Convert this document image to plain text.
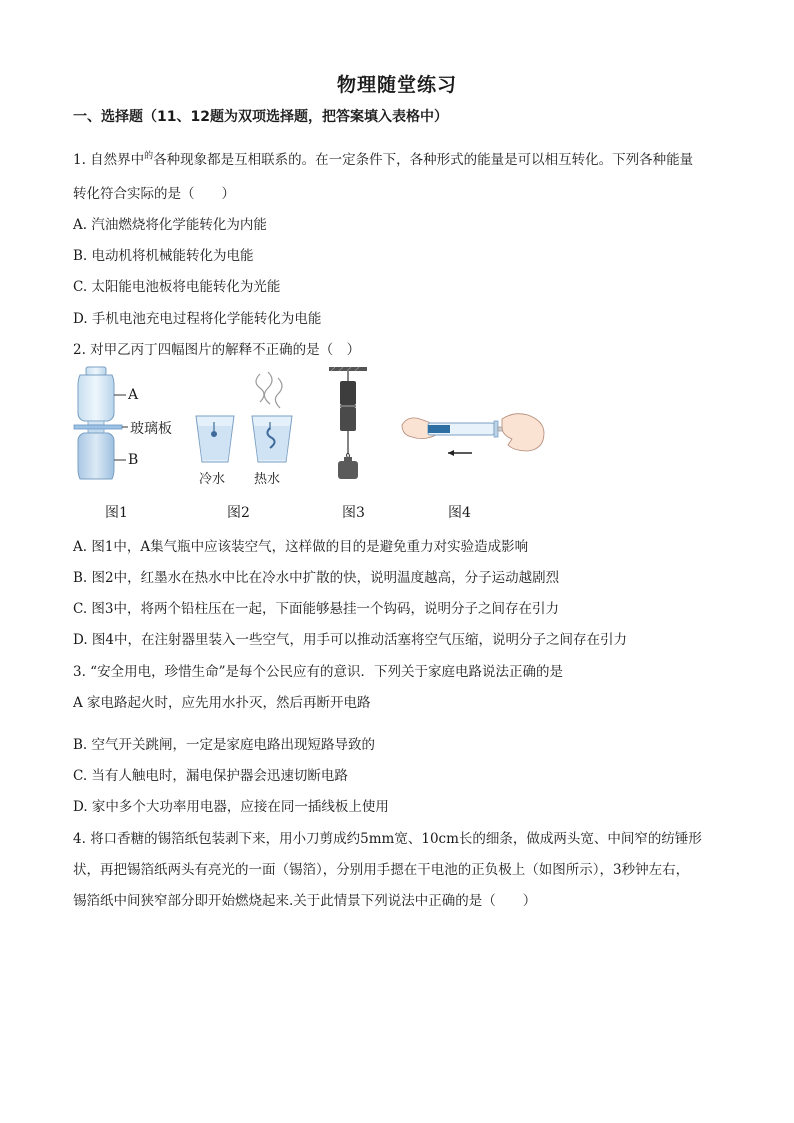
物理随堂练习
一、选择题（11、12题为双项选择题，把答案填入表格中）
1. 自然界中$^的$各种现象都是互相联系的。在一定条件下，各种形式的能量是可以相互转化。下列各种能量
转化符合实际的是（　　）
A. 汽油燃烧将化学能转化为内能
B. 电动机将机械能转化为电能
C. 太阳能电池板将电能转化为光能
D. 手机电池充电过程将化学能转化为电能
2. 对甲乙丙丁四幅图片的解释不正确的是（　）
A
玻璃板
B
冷水 热水
图1	图2	图3	图4
A. 图1中，A集气瓶中应该装空气，这样做的目的是避免重力对实验造成影响
B. 图2中，红墨水在热水中比在冷水中扩散的快，说明温度越高，分子运动越剧烈
C. 图3中，将两个铅柱压在一起，下面能够悬挂一个钩码，说明分子之间存在引力
D. 图4中，在注射器里装入一些空气，用手可以推动活塞将空气压缩，说明分子之间存在引力
3. “安全用电，珍惜生命”是每个公民应有的意识．下列关于家庭电路说法正确的是
A 家电路起火时，应先用水扑灭，然后再断开电路
B. 空气开关跳闸，一定是家庭电路出现短路导致的
C. 当有人触电时，漏电保护器会迅速切断电路
D. 家中多个大功率用电器，应接在同一插线板上使用
4. 将口香糖的锡箔纸包装剥下来，用小刀剪成约5mm宽、10cm长的细条，做成两头宽、中间窄的纺锤形
状，再把锡箔纸两头有亮光的一面（锡箔），分别用手摁在干电池的正负极上（如图所示），3秒钟左右，
锡箔纸中间狭窄部分即开始燃烧起来.关于此情景下列说法中正确的是（　　）
